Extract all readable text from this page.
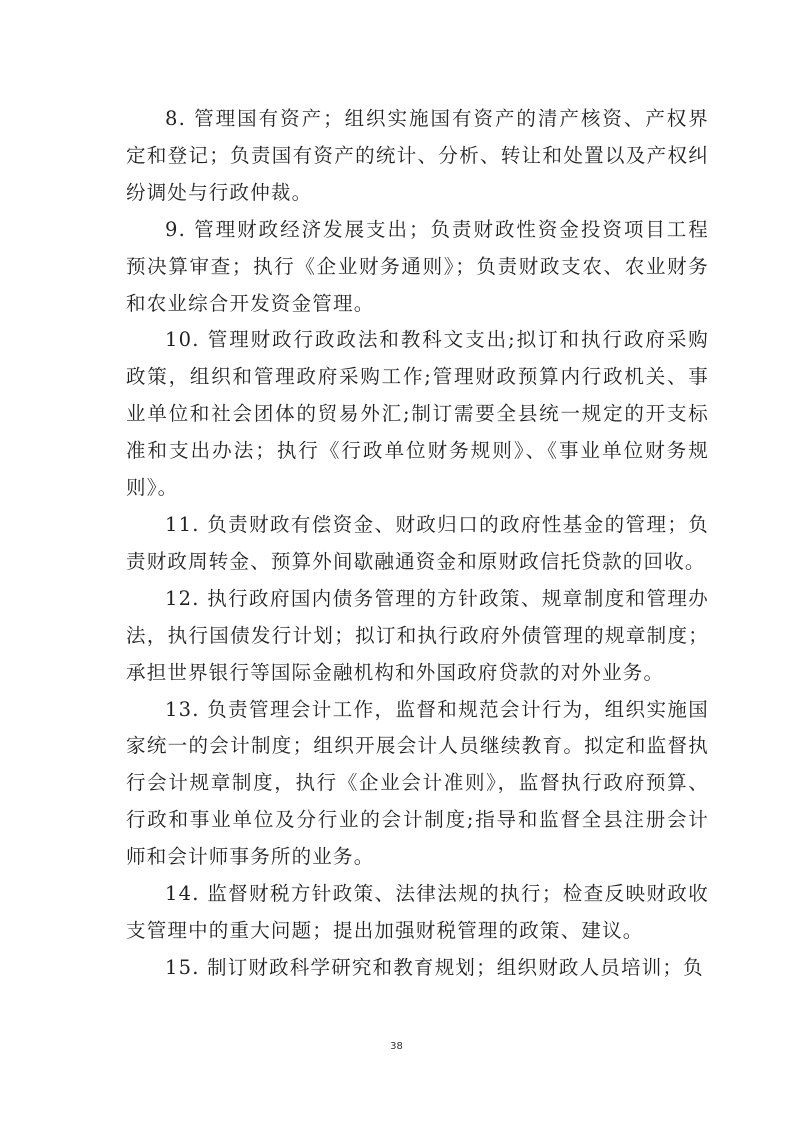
8. 管理国有资产；组织实施国有资产的清产核资、产权界定和登记；负责国有资产的统计、分析、转让和处置以及产权纠纷调处与行政仲裁。

9. 管理财政经济发展支出；负责财政性资金投资项目工程预决算审查；执行《企业财务通则》；负责财政支农、农业财务和农业综合开发资金管理。

10. 管理财政行政政法和教科文支出;拟订和执行政府采购政策，组织和管理政府采购工作;管理财政预算内行政机关、事业单位和社会团体的贸易外汇;制订需要全县统一规定的开支标准和支出办法；执行《行政单位财务规则》、《事业单位财务规则》。

11. 负责财政有偿资金、财政归口的政府性基金的管理；负责财政周转金、预算外间歇融通资金和原财政信托贷款的回收。

12. 执行政府国内债务管理的方针政策、规章制度和管理办法，执行国债发行计划；拟订和执行政府外债管理的规章制度；承担世界银行等国际金融机构和外国政府贷款的对外业务。

13. 负责管理会计工作，监督和规范会计行为，组织实施国家统一的会计制度；组织开展会计人员继续教育。拟定和监督执行会计规章制度，执行《企业会计准则》，监督执行政府预算、行政和事业单位及分行业的会计制度;指导和监督全县注册会计师和会计师事务所的业务。

14. 监督财税方针政策、法律法规的执行；检查反映财政收支管理中的重大问题；提出加强财税管理的政策、建议。

15. 制订财政科学研究和教育规划；组织财政人员培训；负

38
